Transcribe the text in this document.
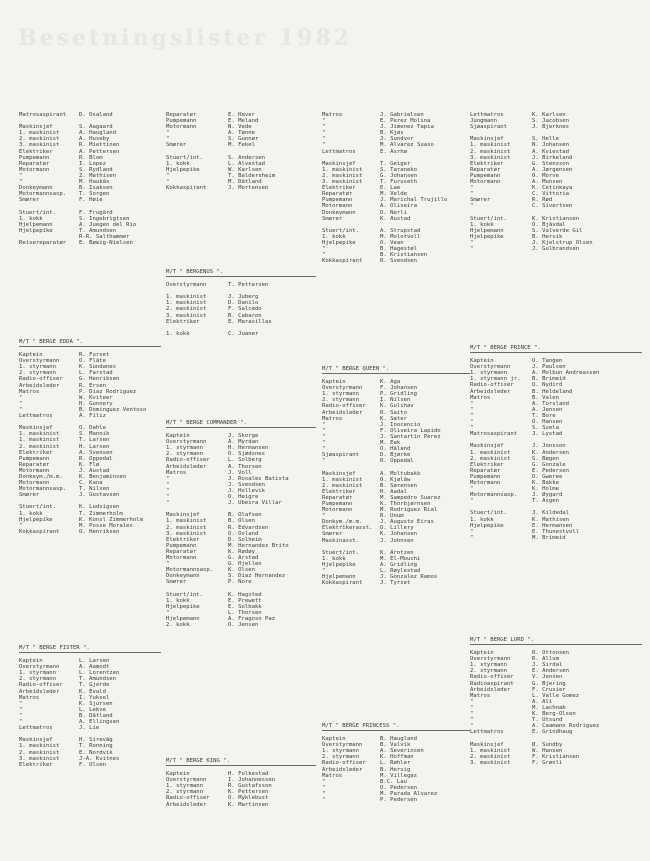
Besetningslister 1982
Matrosaspirant	D. Osaland
Maskinsjef	S. Aagaard
1. maskinist	A. Haugland
2. maskinist	A. Huseby
3. maskinist	R. Miettinen
Elektriker	A. Pettersen
Pumpemann	R. Blom
Reparatør	I. Lopez
Motormann	S. Rydland
"	Z. Mathisen
"	M. Haukås
Donkeymann	B. Isaksen
Motormannsasp.	T. Sorgen
Smører	F. Høie
Stuert/int.	F. Frugård
1. kokk	S. Ingebrigtsen
Hjelpemann	A. Juegen del Rio
Hjelpepike	T. Amundsen
R-R. Salthammer
Reisereparatør	E. Bøwig-Nielsen
M/T " BERGE EDDA ".
Kaptein	R. Furset
Overstyrmann	O. Fläte
1. styrmann	K. Sundanes
2. styrmann	L. Farstad
Radio-offiser	G. Henriksen
Arbeidsleder	R. Ersen
Matros	P. Diaz Rodriguez
"	W. Kviteer
"	H. Gunnery
"	B. Dominguez Ventoso
Lettmatros	A. Filiz
Maskinsjef	O. Dahle
1. maskinist	S. Mannik
1. maskinist	T. Larsen
2. maskinist	H. Larsen
Elektriker	A. Svensen
Pumpemann	R. Oppedal
Reparatør	K. Flø
Motormann	J. Austad
Donkeym./m.m.	K. Benjaminsen
Motormann	C. Kana
Motormannsasp.	T. Nilsen
Smører	J. Gustavsen
Stuert/int.	K. Ludvigsen
1. kokk	T. Zimmerholm
Hjelpepike	K. Konsl Zimmerholm
"	M. Posse Morales
Kokkaspirant	O. Henriksen
M/T " BERGE FISTER ".
Kaptein	L. Larsen
Overstyrmann	A. Aamodt
1. styrmann	L. Lorentzen
2. styrmann	T. Amundsen
Radio-offiser	T. Gjerde
Arbeidsleder	K. Evald
Matros	I. Yuksel
"	K. Sjursen
"	L. Lekve
"	B. Dåtland
"	A. Ellingsen
Lettmatros	J. Lie
Maskinsjef	H. Sirevåg
1. maskinist	T. Ronning
2. maskinist	E. Nordvik
3. maskinist	J-A. Kvitnes
Elektriker	F. Olsen
Reparatør	E. Haver
Pumpemann	E. Meland
Motormann	N. Vede
"	A. Tønne
"	S. Gunnør
Smører	M. Fekel
Stuert/int.	S. Andersen
1. kokk	L. Alvestad
Hjelpepike	W. Karlsen
"	T. Baldersheim
"	M. Dåtland
Kokkaspirant	J. Mortensen
M/T " BERGENUS ".
Overstyrmann	T. Pettersen
1. maskinist	J. Juberg
1. maskinist	D. Danilo
2. maskinist	F. Salcedo
3. maskinist	R. Cabaron
Elektriker	E. Marasillas
1. kokk	C. Juaner
M/T " BERGE COMMANDER ".
Kaptein	J. Skorge
Overstyrmann	A. Myrdan
1. styrmann	H. Hermansen
2. styrmann	O. Sjødsnes
Radio-offiser	L. Solberg
Arbeidsleder	A. Thorsen
Matros	J. Voll
"	J. Rosales Batista
"	J. Svendsen
"	J. Hollevik
"	O. Heigre
"	J. Ubeira Villar
Maskinsjef	B. Olafsen
1. maskinist	B. Olsen
2. maskinist	R. Edvardsen
3. maskinist	O. Osland
Elektriker	D. Solheim
Pumpemann	M. Hernandez Brito
Reparatør	K. Rødøy
Motormann	G. Årstad
"	G. Hjellen
Motormannsasp.	K. Olsen
Donkeymann	S. Diaz Hernandez
Smører	P. Nore
Stuert/int.	K. Hagsted
1. kokk	E. Prewett
Hjelpepike	E. Solbakk
"	L. Thorsen
Hjelpemann	A. Fragoso Paz
2. kokk	O. Jensen
M/T " BERGE KING ".
Kaptein	H. Folkestad
Overstyrmann	I. Johannessen
1. styrmann	R. Gustafsson
2. styrmann	K. Pettersen
Radio-offiser	O. Myklebust
Arbeidsleder	K. Martinsen
Matros	J. Gabrielsen
"	E. Perez Molina
"	J. Jimenez Tapia
"	B. Kjøs
"	J. Sundvor
"	M. Alvarez Suaso
Lettmatros	E. Åsrhø
Maskinsjef	T. Geiger
1. maskinist	S. Taraneko
2. maskinist	G. Johansen
3. maskinist	T. Furuseth
Elektriker	E. Lae
Reparatør	M. Velde
Pumpemann	J. Marichal Trujillo
Motormann	A. Oliveira
Donkeymann	O. Nerli
Smører	K. Austad
Stuert/int.	A. Strupstad
1. kokk	M. Molotvoll
Hjelpepike	O. Vean
"	B. Hagestøl
"	B. Kristiansen
Kokkaspirant	R. Svendsen
M/T " BERGE QUEEN ".
Kaptein	K. Aga
Overstyrmann	F. Johansen
1. styrmann	P. Gridling
2. styrmann	I. Nilsen
Radio-offiser	K. Gulihav
Arbeidsleder	R. Saito
Matros	K. Sæter
"	J. Inocencio
"	F. Oliveira Lapido
"	J. Santartin Pérez
"	M. Eek
"	O. Håland
Sjøaspirant	D. Bjørke
"	R. Oppedal
Maskinsjef	A. Moltubakk
1. maskinist	O. Kjølåw
2. maskinist	B. Sørensen
Elektriker	H. Aadal
Reparatør	M. Sampedro Suarez
Pumpemann	K. Thorbjørnsen
Motormann	M. Rodriguez Rial
"	R. Unum
Donkym./m.m.	J. Augusto Eiras
Elektrikerasst.	O. Lillery
Smører	K. Johansen
Maskinasst.	J. Johnsen
Stuert/int.	K. Arntzen
1. kokk	M. El-Mouchi
Hjelpepike	A. Gridling
"	L. Røylestad
Hjelpemann	J. Gonzalez Ramos
Kokkaspirant	J. Tyrset
M/T " BERGE PRINCESS ".
Kaptein	B. Haugland
Overstyrmann	B. Valvik
1. styrmann	A. Severinsen
2. styrmann	K. Hoffman
Radio-offiser	L. Røhler
Arbeidsleder	B. Hervig
Matros	M. Villegas
"	B.C. Lau
"	O. Pedersen
"	M. Parada Alvarez
"	P. Pedersen
Lettmatros	K. Karlsen
Jungmann	S. Jacobsen
Sjøaspirant	J. Bjerknes
Maskinsjef	S. Helle
1. maskinist	N. Johansen
2. maskinist	A. Kviestad
3. maskinist	J. Birkeland
Elektriker	G. Stensson
Reparatør	A. Jørgensen
Pumpemann	O. Morve
Motormann	A. Munsen
"	K. Cetinkaya
"	C. Vittoria
Smører	R. Rød
"	C. Sivertsen
Stuert/int.	K. Kristiansen
1. kokk	O. Bjåvdal
Hjelpemann	S. Valverde Gil
Hjelpepike	B. Hervik
"	J. Kjelstrup Olsen
"	J. Gulbrandsen
M/T " BERGE PRINCE ".
Kaptein	O. Tangen
Overstyrmann	J. Paulsen
1. styrmann	A. Molbun Andreassen
1. styrmann jr.	B. Brimeid
Radio-offiser	O. Nydird
Arbeidsleder	B. Heldeland
Matros	B. Valen
"	A. Torsland
"	A. Jensen
"	T. Bore
"	O. Hansen
"	S. Svela
Matrosaspirant	J. Lystad
Maskinsjef	J. Jonsson
1. maskinist	K. Andersen
2. maskinist	S. Bøgen
Elektriker	G. Gonzale
Reparatør	E. Pedersen
Pumpemann	O. Gweree
Motormann	K. Bakke
"	K. Holme
Motormannsasp.	J. Øygard
"	T. Åsgen
Stuert/int.	J. Kildedal
1. kokk	K. Mathisen
Hjelpepike	E. Hermansen
"	E. Thunestvoll
"	M. Brimeid
M/T " BERGE LORD ".
Kaptein	R. Ottonsen
Overstyrmann	R. Allum
1. styrmann	J. Sirdal
2. styrmann	E. Andersen
Radio-offiser	V. Jensen
Radioaspirant	G. Bjering
Arbeidsleder	F. Crusier
Matros	L. Valle Gomez
"	A. Ali
"	M. Lachnab
"	K. Berg-Olsen
"	T. Utsund
"	A. Caamano Rodriguez
Lettmatros	E. Grindhaug
Maskinsjef	Ø. Sundby
1. maskinist	W. Hansen
2. maskinist	F. Kristiansen
3. maskinist	F. Grønli
